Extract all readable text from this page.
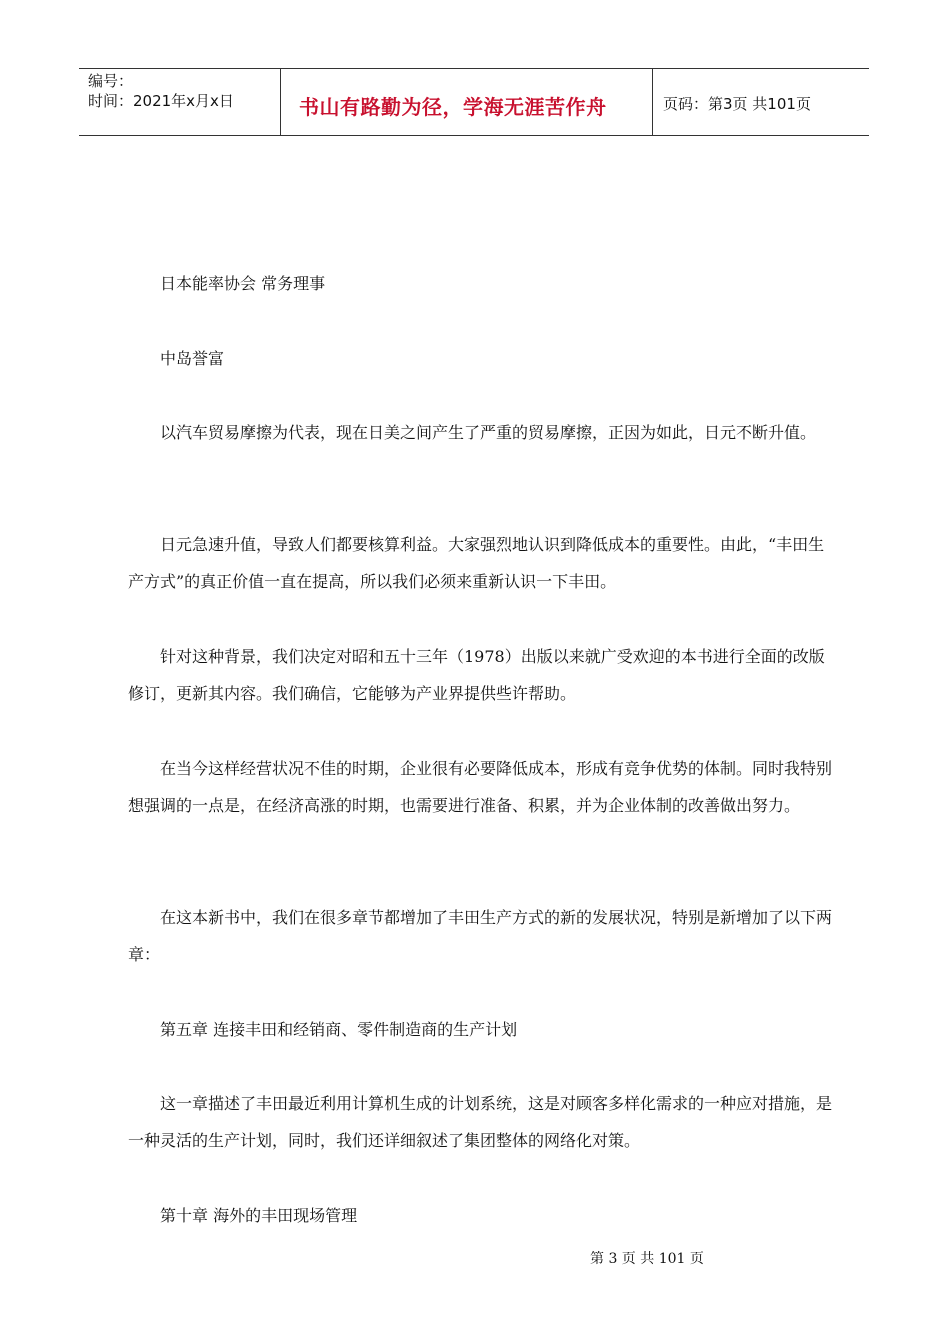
编号：
时间：2021年x月x日	书山有路勤为径，学海无涯苦作舟	页码：第3页 共101页
日本能率协会 常务理事
中岛誉富
以汽车贸易摩擦为代表，现在日美之间产生了严重的贸易摩擦，正因为如此，日元不断升值。
日元急速升值，导致人们都要核算利益。大家强烈地认识到降低成本的重要性。由此，“丰田生产方式”的真正价值一直在提高，所以我们必须来重新认识一下丰田。
针对这种背景，我们决定对昭和五十三年（1978）出版以来就广受欢迎的本书进行全面的改版修订，更新其内容。我们确信，它能够为产业界提供些许帮助。
在当今这样经营状况不佳的时期，企业很有必要降低成本，形成有竞争优势的体制。同时我特别想强调的一点是，在经济高涨的时期，也需要进行准备、积累，并为企业体制的改善做出努力。
在这本新书中，我们在很多章节都增加了丰田生产方式的新的发展状况，特别是新增加了以下两章：
第五章 连接丰田和经销商、零件制造商的生产计划
这一章描述了丰田最近利用计算机生成的计划系统，这是对顾客多样化需求的一种应对措施，是一种灵活的生产计划，同时，我们还详细叙述了集团整体的网络化对策。
第十章 海外的丰田现场管理
第 3 页 共 101 页
